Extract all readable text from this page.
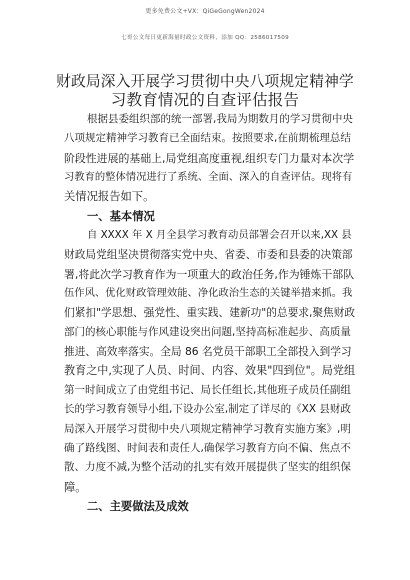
更多免费公文+VX：QiGeGongWen2024
七哥公文每日更新海量时政公文资料，添加 QQ：2586017509
财政局深入开展学习贯彻中央八项规定精神学
习教育情况的自查评估报告
根据县委组织部的统一部署,我局为期数月的学习贯彻中央
八项规定精神学习教育已全面结束。按照要求,在前期梳理总结
阶段性进展的基础上,局党组高度重视,组织专门力量对本次学
习教育的整体情况进行了系统、全面、深入的自查评估。现将有
关情况报告如下。
一、基本情况
自 XXXX 年 X 月全县学习教育动员部署会召开以来,XX 县
财政局党组坚决贯彻落实党中央、省委、市委和县委的决策部
署,将此次学习教育作为一项重大的政治任务,作为锤炼干部队
伍作风、优化财政管理效能、净化政治生态的关键举措来抓。我
们紧扣"学思想、强党性、重实践、建新功"的总要求,聚焦财政
部门的核心职能与作风建设突出问题,坚持高标准起步、高质量
推进、高效率落实。全局 86 名党员干部职工全部投入到学习
教育之中,实现了人员、时间、内容、效果"四到位"。局党组
第一时间成立了由党组书记、局长任组长,其他班子成员任副组
长的学习教育领导小组,下设办公室,制定了详尽的《XX 县财政
局深入开展学习贯彻中央八项规定精神学习教育实施方案》,明
确了路线图、时间表和责任人,确保学习教育方向不偏、焦点不
散、力度不减,为整个活动的扎实有效开展提供了坚实的组织保
障。
二、主要做法及成效
